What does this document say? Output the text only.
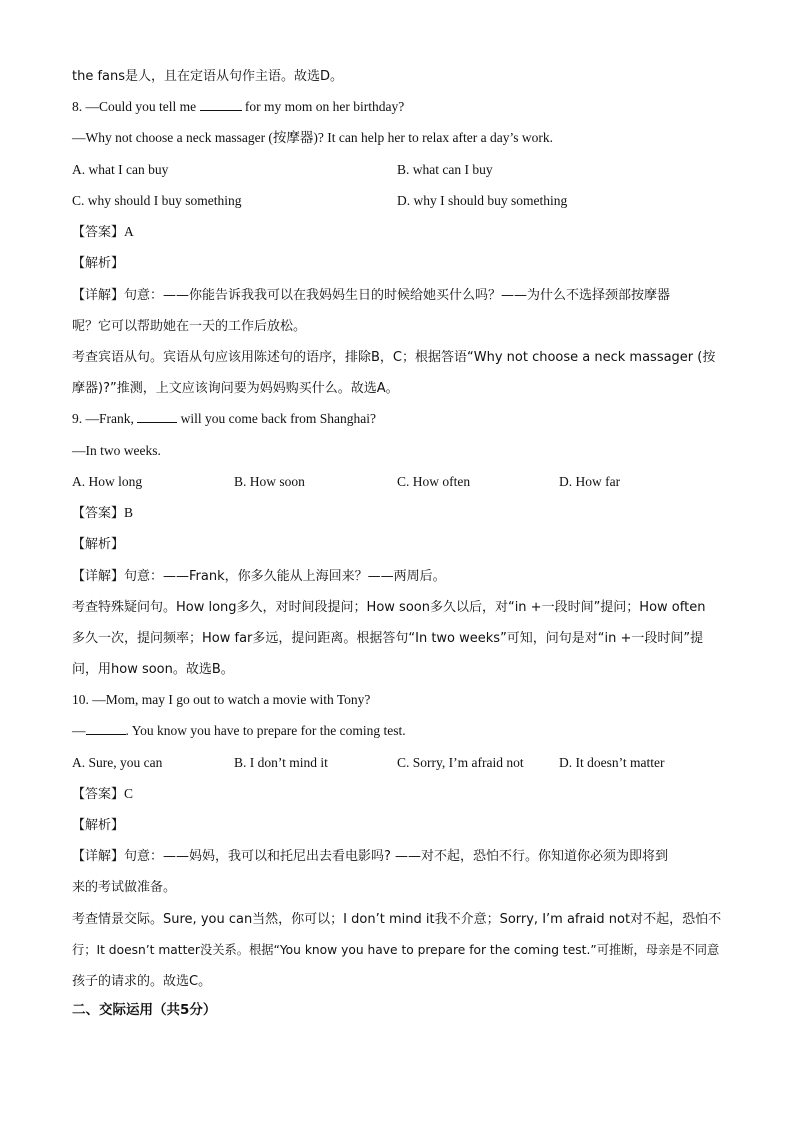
the fans是人，且在定语从句作主语。故选D。
8. —Could you tell me	for my mom on her birthday?
—Why not choose a neck massager (按摩器)? It can help her to relax after a day’s work.
A. what I can buy	B. what can I buy
C. why should I buy something	D. why I should buy something
【答案】A
【解析】
【详解】句意：——你能告诉我我可以在我妈妈生日的时候给她买什么吗？——为什么不选择颈部按摩器
呢？它可以帮助她在一天的工作后放松。
考查宾语从句。宾语从句应该用陈述句的语序，排除B，C；根据答语“Why not choose a neck massager (按
摩器)?”推测，上文应该询问要为妈妈购买什么。故选A。
9. —Frank,	will you come back from Shanghai?
—In two weeks.
A. How long	B. How soon	C. How often	D. How far
【答案】B
【解析】
【详解】句意：——Frank，你多久能从上海回来？——两周后。
考查特殊疑问句。How long多久，对时间段提问；How soon多久以后，对“in +一段时间”提问；How often
多久一次，提问频率；How far多远，提问距离。根据答句“In two weeks”可知，问句是对“in +一段时间”提
问，用how soon。故选B。
10. —Mom, may I go out to watch a movie with Tony?
—	. You know you have to prepare for the coming test.
A. Sure, you can	B. I don’t mind it	C. Sorry, I’m afraid not	D. It doesn’t matter
【答案】C
【解析】
【详解】句意：——妈妈，我可以和托尼出去看电影吗? ——对不起，恐怕不行。你知道你必须为即将到
来的考试做准备。
考查情景交际。Sure, you can当然，你可以；I don’t mind it我不介意；Sorry, I’m afraid not对不起，恐怕不
行；It doesn’t matter没关系。根据“You know you have to prepare for the coming test.”可推断，母亲是不同意
孩子的请求的。故选C。
二、交际运用（共5分）
